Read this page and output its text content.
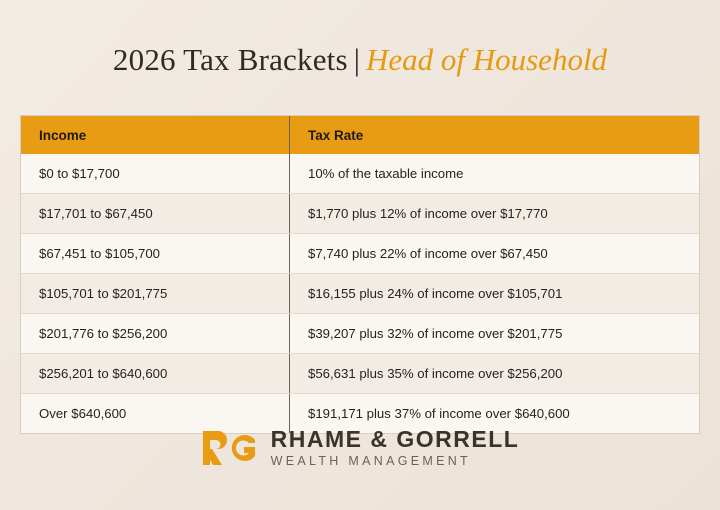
2026 Tax Brackets | Head of Household
Income	Tax Rate
$0 to $17,700	10% of the taxable income
$17,701 to $67,450	$1,770 plus 12% of income over $17,770
$67,451 to $105,700	$7,740 plus 22% of income over $67,450
$105,701 to $201,775	$16,155 plus 24% of income over $105,701
$201,776 to $256,200	$39,207 plus 32% of income over $201,775
$256,201 to $640,600	$56,631 plus 35% of income over $256,200
Over $640,600	$191,171 plus 37% of income over $640,600
RHAME & GORRELL
WEALTH MANAGEMENT
